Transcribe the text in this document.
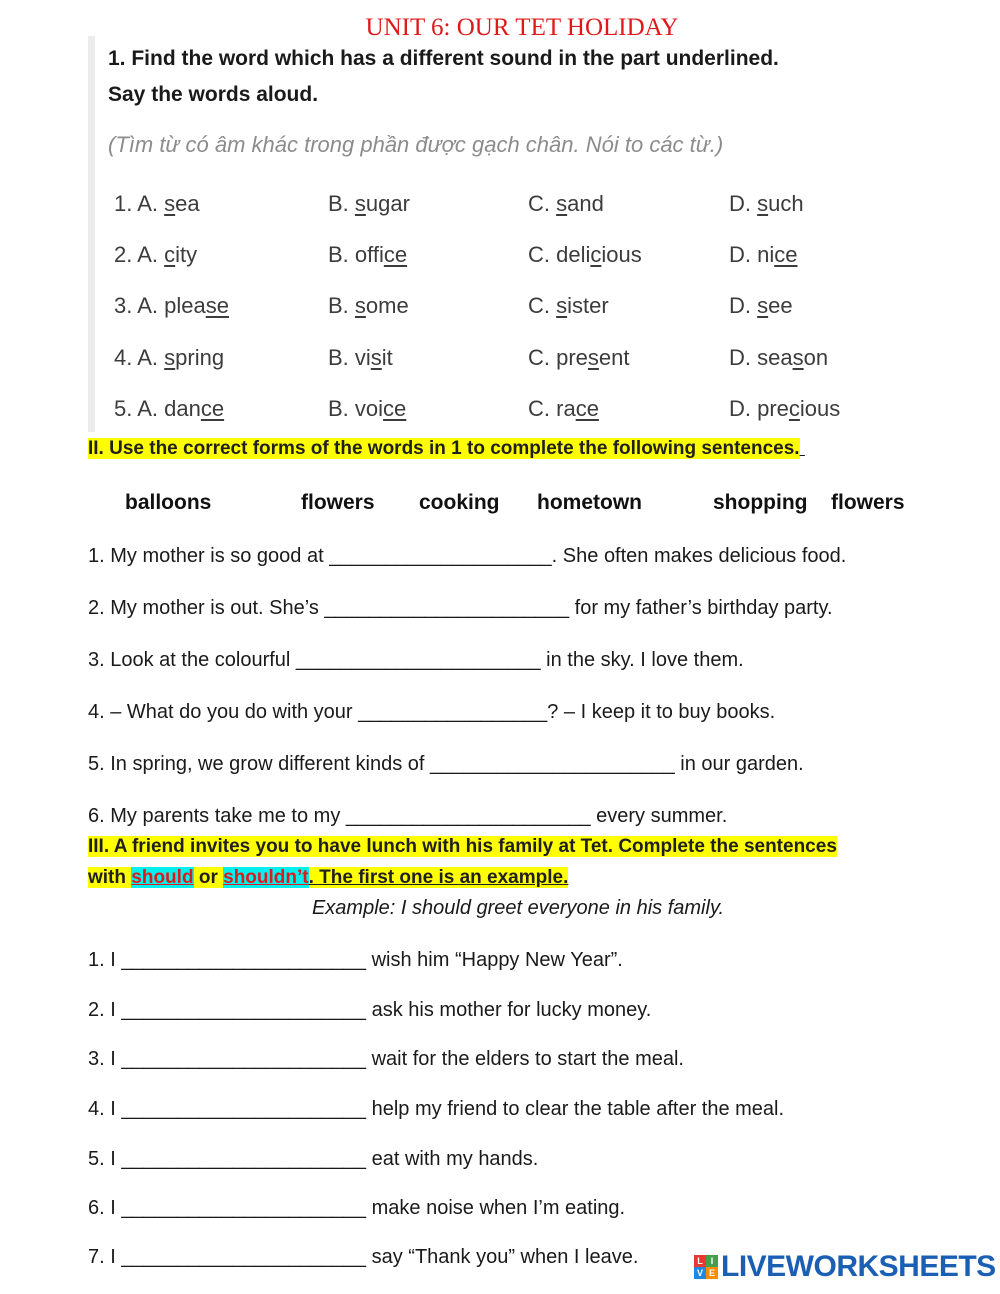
UNIT 6: OUR TET HOLIDAY
1. Find the word which has a different sound in the part underlined.
Say the words aloud.
(Tìm từ có âm khác trong phần được gạch chân. Nói to các từ.)
1. A. sea	B. sugar	C. sand	D. such
2. A. city	B. office	C. delicious	D. nice
3. A. please	B. some	C. sister	D. see
4. A. spring	B. visit	C. present	D. season
5. A. dance	B. voice	C. race	D. precious
II. Use the correct forms of the words in 1 to complete the following sentences.
balloons	flowers cooking hometown	shopping flowers
1. My mother is so good at ____________________. She often makes delicious food.
2. My mother is out. She’s ______________________ for my father’s birthday party.
3. Look at the colourful ______________________ in the sky. I love them.
4. – What do you do with your _________________? – I keep it to buy books.
5. In spring, we grow different kinds of ______________________ in our garden.
6. My parents take me to my ______________________ every summer.
III. A friend invites you to have lunch with his family at Tet. Complete the sentences
with should or shouldn’t. The first one is an example.
Example: I should greet everyone in his family.
1. I ______________________ wish him “Happy New Year”.
2. I ______________________ ask his mother for lucky money.
3. I ______________________ wait for the elders to start the meal.
4. I ______________________ help my friend to clear the table after the meal.
5. I ______________________ eat with my hands.
6. I ______________________ make noise when I’m eating.
7. I ______________________ say “Thank you” when I leave.	L I
V E LIVEWORKSHEETS
